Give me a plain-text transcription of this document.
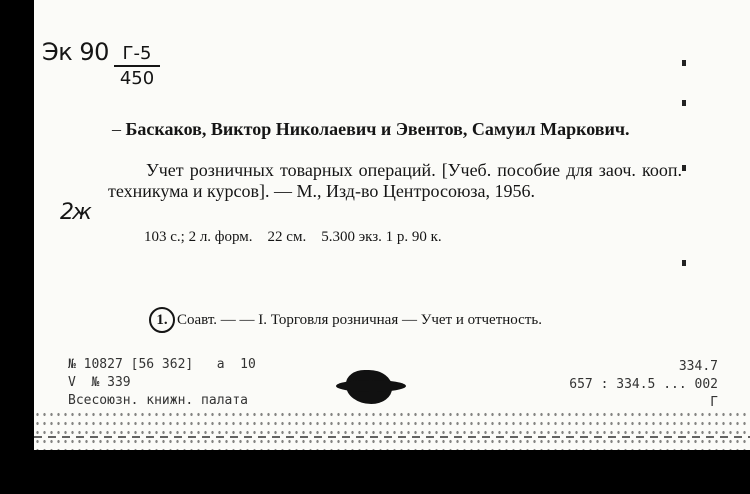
Эк 90 Г-5
450
2ж
– Баскаков, Виктор Николаевич и Эвентов, Самуил Маркович.
Учет розничных товарных операций. [Учеб. пособие для заоч. кооп. техникума и курсов]. — М., Изд-во Центросоюза, 1956.
103 с.; 2 л. форм.    22 см.    5.300 экз. 1 р. 90 к.

1. Соавт. — — I. Торговля розничная — Учет и отчетность.

№ 10827 [56 362]   а  10
V  № 339
Всесоюзн. книжн. палата
334.7
657 : 334.5 ... 002
Г
